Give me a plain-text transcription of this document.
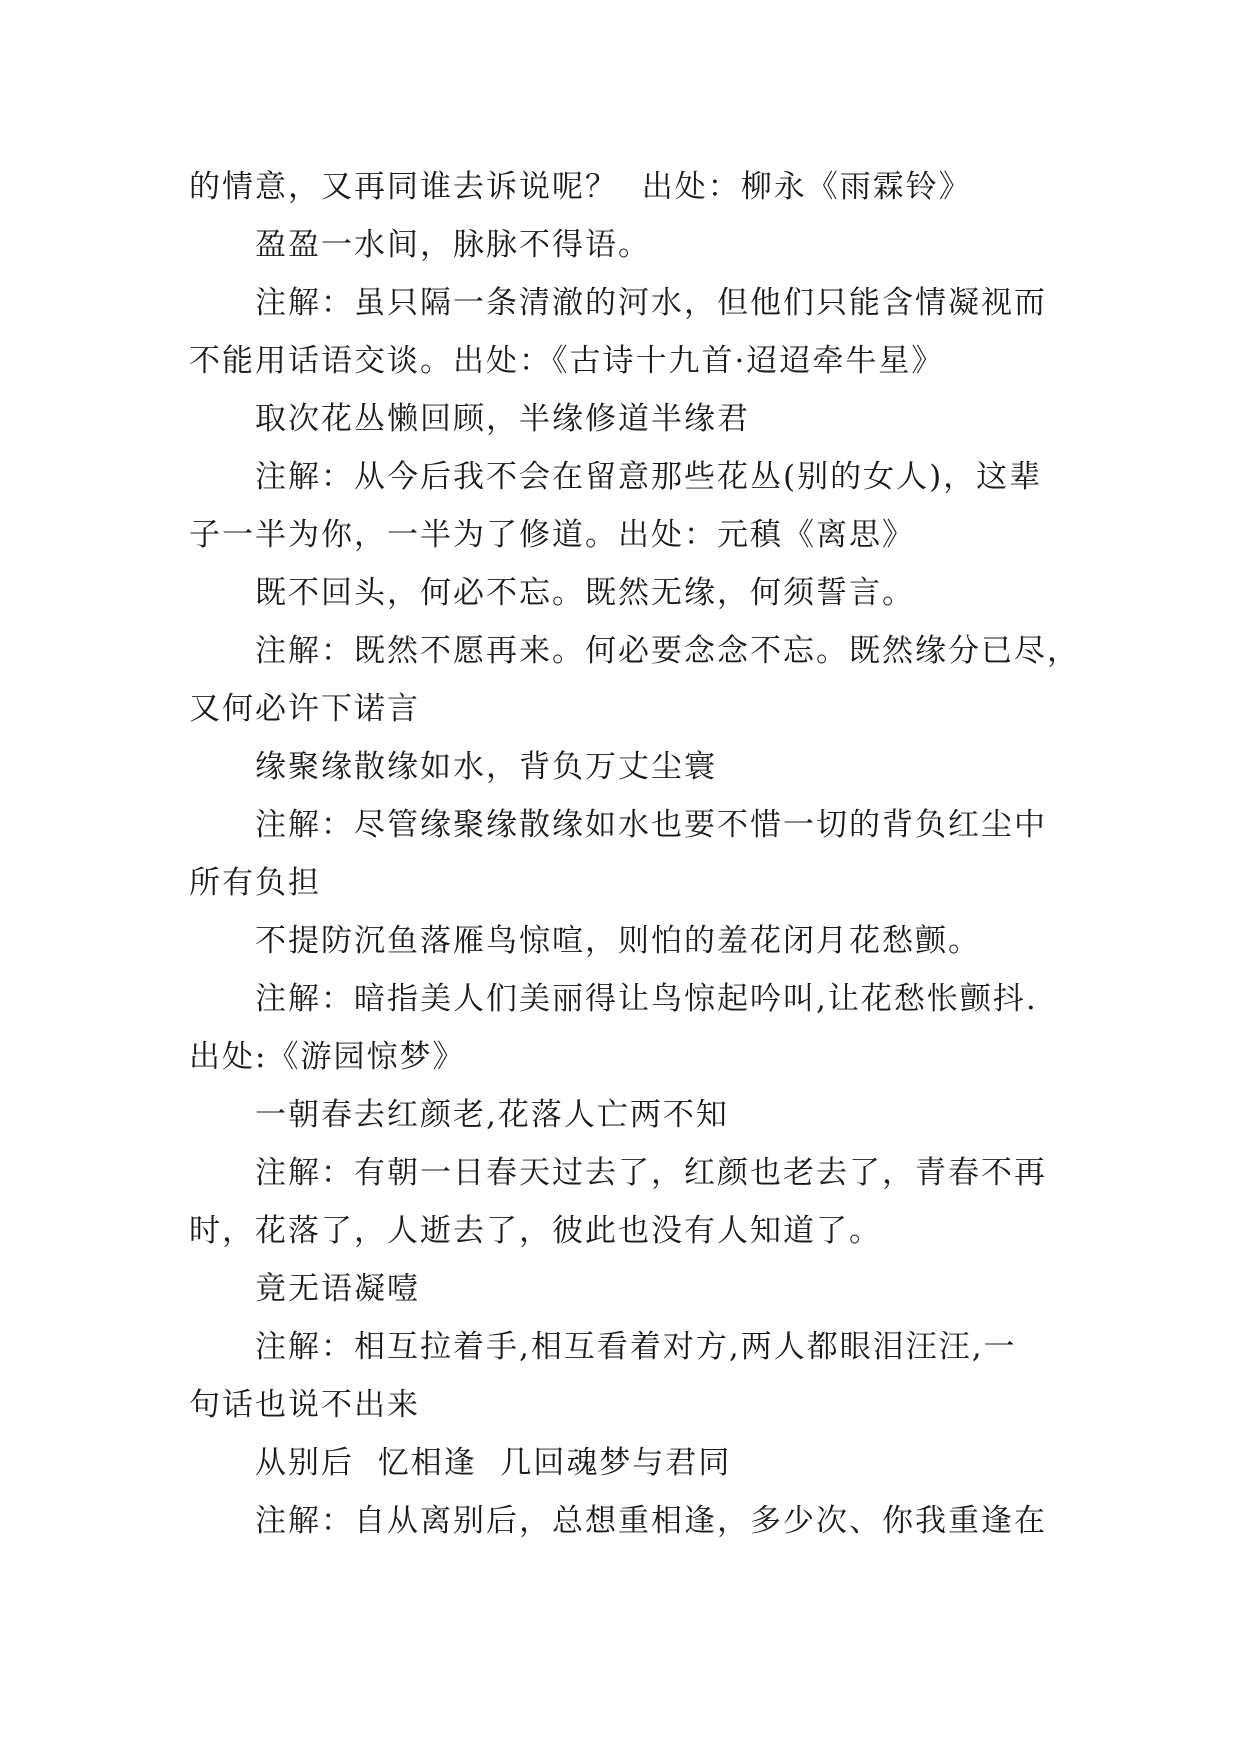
的情意，又再同谁去诉说呢？  出处：柳永《雨霖铃》
盈盈一水间，脉脉不得语。
注解：虽只隔一条清澈的河水，但他们只能含情凝视而
不能用话语交谈。出处：《古诗十九首·迢迢牵牛星》
取次花丛懒回顾，半缘修道半缘君
注解：从今后我不会在留意那些花丛(别的女人)，这辈
子一半为你，一半为了修道。出处：元稹《离思》
既不回头，何必不忘。既然无缘，何须誓言。
注解：既然不愿再来。何必要念念不忘。既然缘分已尽，
又何必许下诺言
缘聚缘散缘如水，背负万丈尘寰
注解：尽管缘聚缘散缘如水也要不惜一切的背负红尘中
所有负担
不提防沉鱼落雁鸟惊喧，则怕的羞花闭月花愁颤。
注解：暗指美人们美丽得让鸟惊起吟叫,让花愁怅颤抖.
出处:《游园惊梦》
一朝春去红颜老,花落人亡两不知
注解：有朝一日春天过去了，红颜也老去了，青春不再
时，花落了，人逝去了，彼此也没有人知道了。
竟无语凝噎
注解：相互拉着手,相互看着对方,两人都眼泪汪汪,一
句话也说不出来
从别后  忆相逢  几回魂梦与君同
注解：自从离别后，总想重相逢，多少次、你我重逢在
